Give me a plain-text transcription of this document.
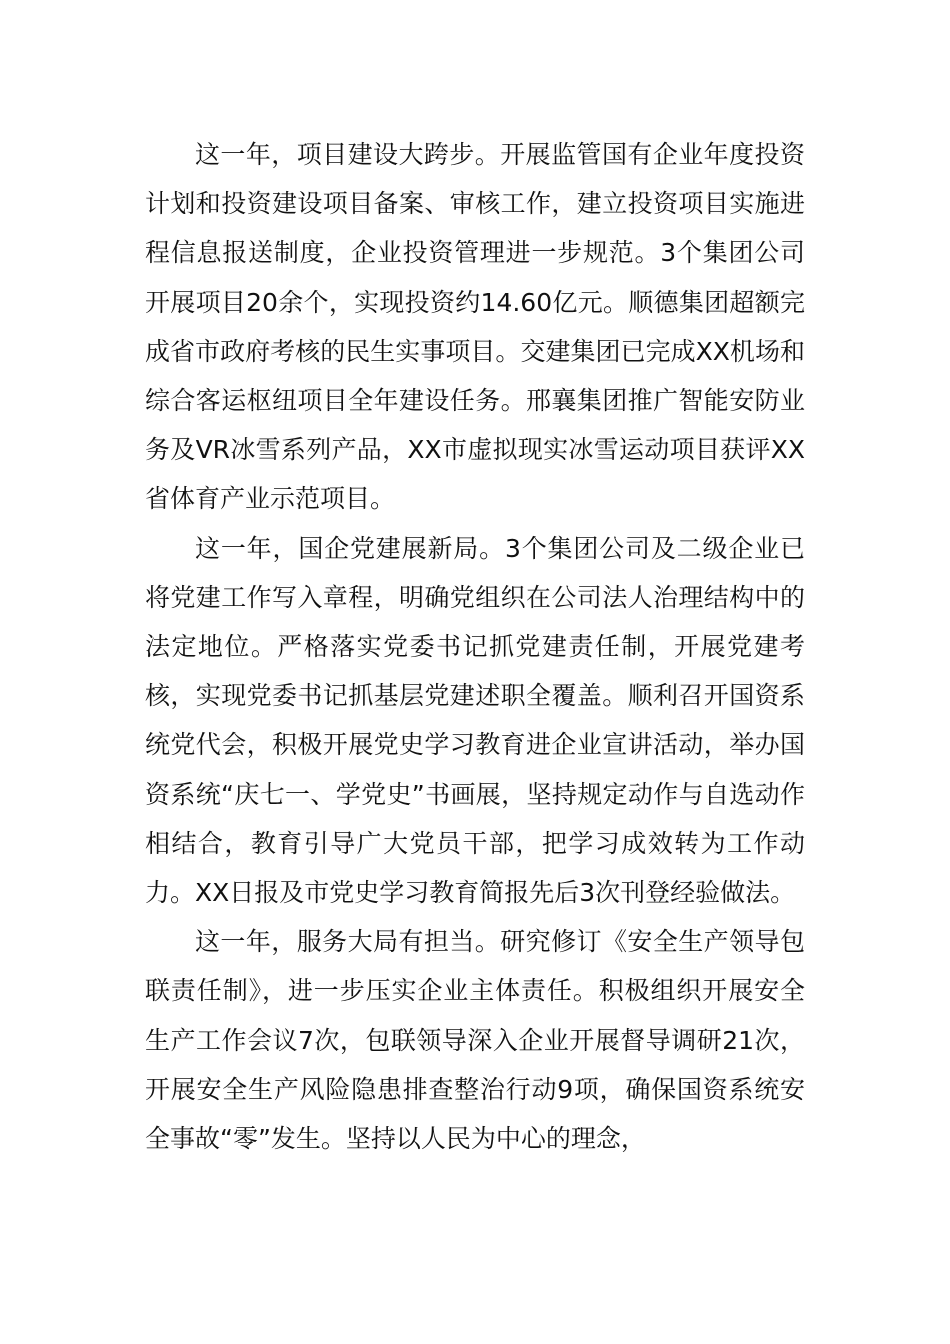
这一年，项目建设大跨步。开展监管国有企业年度投资计划和投资建设项目备案、审核工作，建立投资项目实施进程信息报送制度，企业投资管理进一步规范。3个集团公司开展项目20余个，实现投资约14.60亿元。顺德集团超额完成省市政府考核的民生实事项目。交建集团已完成XX机场和综合客运枢纽项目全年建设任务。邢襄集团推广智能安防业务及VR冰雪系列产品，XX市虚拟现实冰雪运动项目获评XX省体育产业示范项目。

这一年，国企党建展新局。3个集团公司及二级企业已将党建工作写入章程，明确党组织在公司法人治理结构中的法定地位。严格落实党委书记抓党建责任制，开展党建考核，实现党委书记抓基层党建述职全覆盖。顺利召开国资系统党代会，积极开展党史学习教育进企业宣讲活动，举办国资系统“庆七一、学党史”书画展，坚持规定动作与自选动作相结合，教育引导广大党员干部，把学习成效转为工作动力。XX日报及市党史学习教育简报先后3次刊登经验做法。

这一年，服务大局有担当。研究修订《安全生产领导包联责任制》，进一步压实企业主体责任。积极组织开展安全生产工作会议7次，包联领导深入企业开展督导调研21次，开展安全生产风险隐患排查整治行动9项，确保国资系统安全事故“零”发生。坚持以人民为中心的理念，
